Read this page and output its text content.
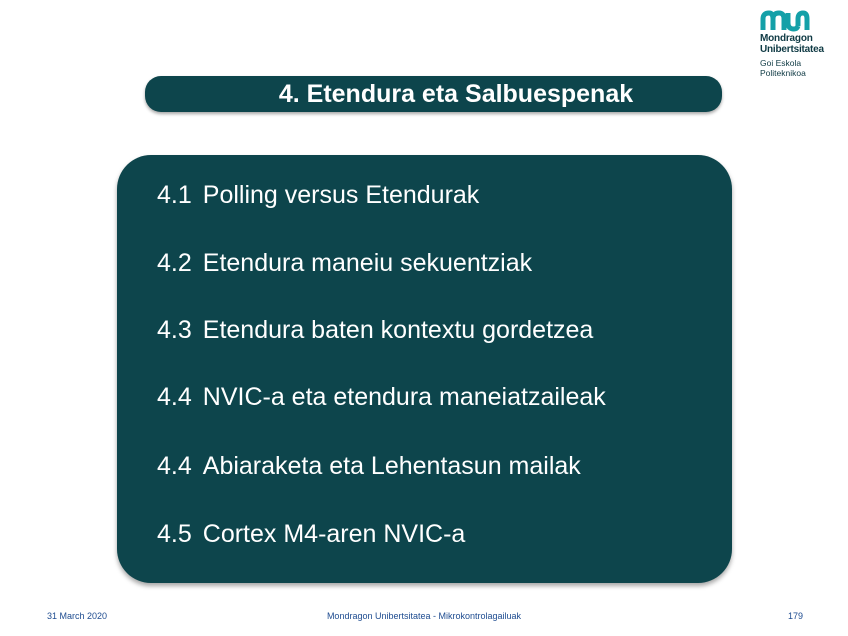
Mondragon
Unibertsitatea
Goi Eskola
Politeknikoa
4. Etendura eta Salbuespenak
4.1 Polling versus Etendurak
4.2 Etendura maneiu sekuentziak
4.3 Etendura baten kontextu gordetzea
4.4 NVIC-a eta etendura maneiatzaileak
4.4 Abiaraketa eta Lehentasun mailak
4.5 Cortex M4-aren NVIC-a
31 March 2020	Mondragon Unibertsitatea - Mikrokontrolagailuak	179
